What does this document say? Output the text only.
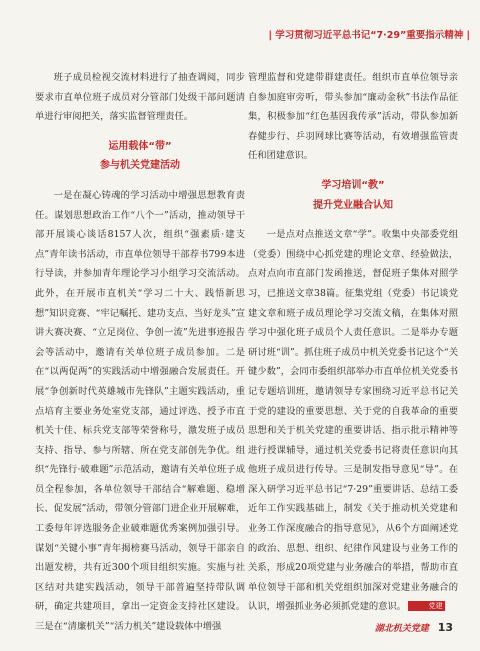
| 学习贯彻习近平总书记“7·29”重要指示精神 |

班子成员检视交流材料进行了抽查调阅，同步要求市直单位班子成员对分管部门处级干部问题清单进行审阅把关，落实监督管理责任。

运用载体“带”

参与机关党建活动

一是在凝心铸魂的学习活动中增强思想教育责任。谋划思想政治工作“八个一”活动，推动领导干部开展谈心谈话8157人次，组织“强素质·建支点”青年读书活动，市直单位领导干部荐书799本进行导读，并参加青年理论学习小组学习交流活动。此外，在开展市直机关“学习二十大、践悟新思想”知识竞赛、“牢记嘱托、建功支点、当好龙头”宣讲大赛决赛、“立足岗位、争创一流”先进事迹报告会等活动中，邀请有关单位班子成员参加。二是在“以两促两”的实践活动中增强融合发展责任。开展“争创新时代英雄城市先锋队”主题实践活动，重点培育主要业务处室党支部，通过评选、授予市直机关十佳、标兵党支部等荣誉称号，激发班子成员支持、指导、参与所辖、所在党支部创先争优。组织“先锋行·破难题”示范活动，邀请有关单位班子成员全程参加，各单位领导干部结合“解难题、稳增长、促发展”活动，带领分管部门进企业开展解难，工委每年评选服务企业破难题优秀案例加强引导。谋划“关键小事”青年揭榜赛马活动，领导干部亲自出题发榜，共有近300个项目组织实施。实施与社区结对共建实践活动，领导干部普遍坚持带队调研，确定共建项目，拿出一定资金支持社区建设。三是在“清廉机关”“活力机关”建设载体中增强

管理监督和党建带群建责任。组织市直单位领导亲自参加庭审旁听，带头参加“廉动金秋”书法作品征集，积极参加“红色基因我传承”活动，带队参加新春健步行、乒羽网球比赛等活动，有效增强监管责任和团建意识。

学习培训“教”

提升党业融合认知

一是点对点推送文章“学”。收集中央部委党组（党委）围绕中心抓党建的理论文章、经验做法，点对点向市直部门发函推送，督促班子集体对照学习，已推送文章38篇。征集党组（党委）书记谈党建文章和班子成员理论学习交流文稿，在集体对照学习中强化班子成员个人责任意识。二是举办专题研讨班“训”。抓住班子成员中机关党委书记这个“关键少数”，会同市委组织部举办市直单位机关党委书记专题培训班，邀请领导专家围绕习近平总书记关于党的建设的重要思想、关于党的自我革命的重要思想和关于机关党建的重要讲话、指示批示精神等进行授课辅导，通过机关党委书记将责任意识向其他班子成员进行传导。三是制发指导意见“导”。在深入研学习近平总书记“7·29”重要讲话、总结工委近年工作实践基础上，制发《关于推动机关党建和业务工作深度融合的指导意见》，从6个方面阐述党的政治、思想、组织、纪律作风建设与业务工作的关系，形成20项党建与业务融合的举措，帮助市直单位领导干部和机关党组织加深对党建业务融合的认识，增强抓业务必须抓党建的意识。	党建

湖北机关党建 13
